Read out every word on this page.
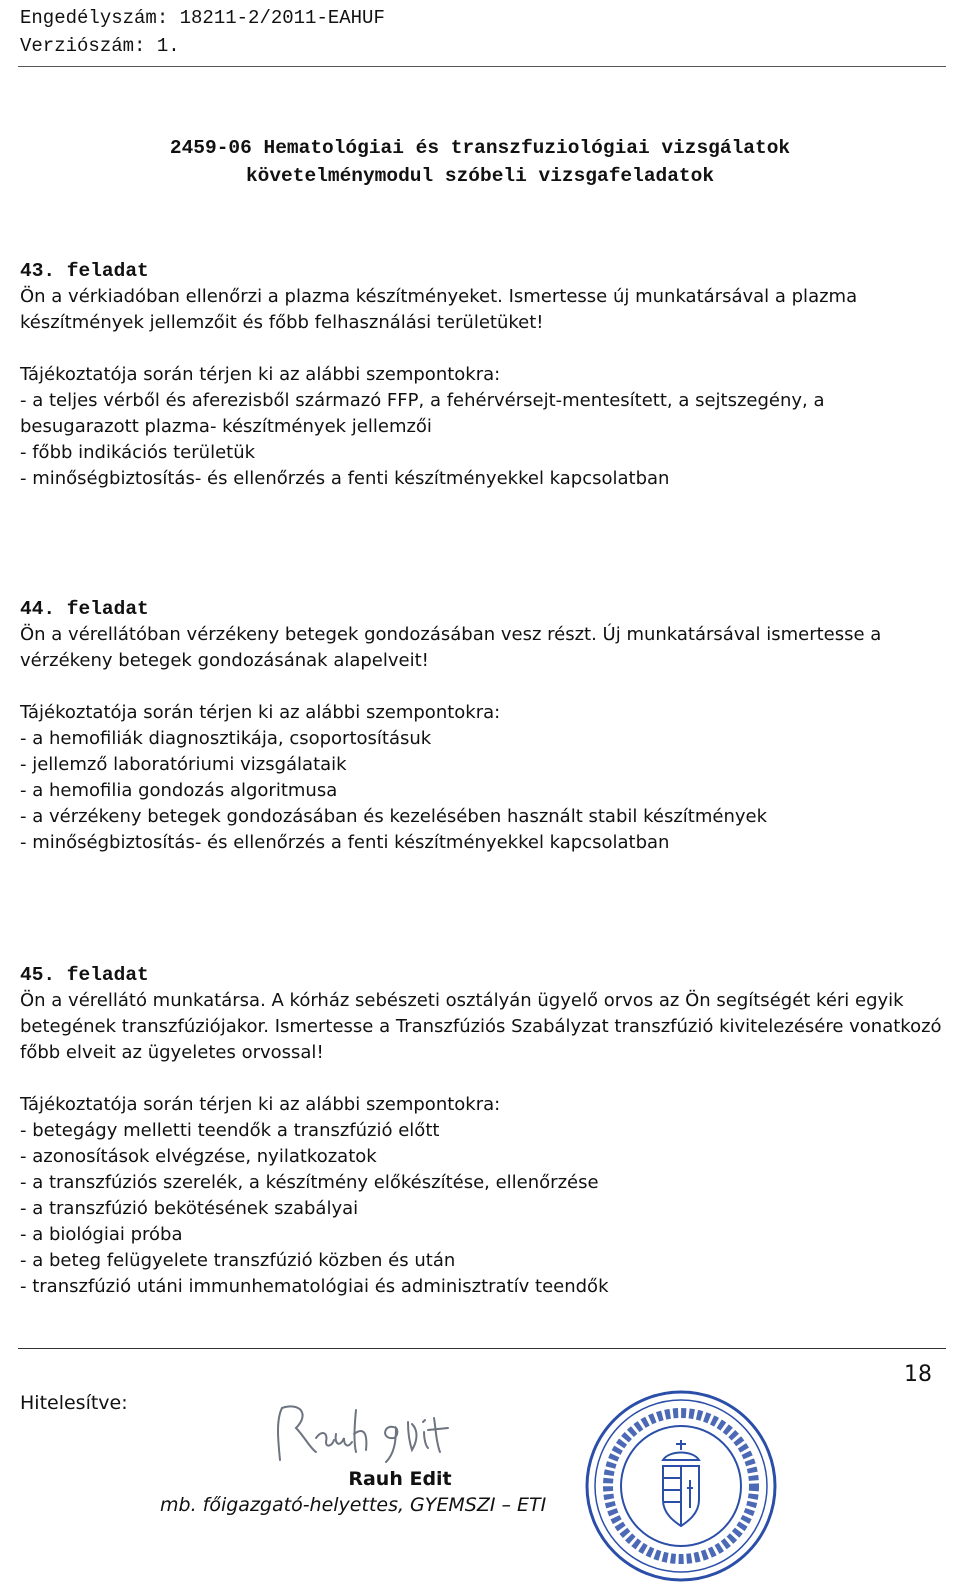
Engedélyszám: 18211-2/2011-EAHUF
Verziószám: 1.
2459-06 Hematológiai és transzfuziológiai vizsgálatok
követelménymodul szóbeli vizsgafeladatok
43. feladat

Ön a vérkiadóban ellenőrzi a plazma készítményeket. Ismertesse új munkatársával a plazma készítmények jellemzőit és főbb felhasználási területüket!

Tájékoztatója során térjen ki az alábbi szempontokra:

- a teljes vérből és aferezisből származó FFP, a fehérvérsejt-mentesített, a sejtszegény, a besugarazott plazma- készítmények jellemzői
- főbb indikációs területük
- minőségbiztosítás- és ellenőrzés a fenti készítményekkel kapcsolatban
44. feladat

Ön a vérellátóban vérzékeny betegek gondozásában vesz részt. Új munkatársával ismertesse a vérzékeny betegek gondozásának alapelveit!

Tájékoztatója során térjen ki az alábbi szempontokra:

- a hemofiliák diagnosztikája, csoportosításuk
- jellemző laboratóriumi vizsgálataik
- a hemofilia gondozás algoritmusa
- a vérzékeny betegek gondozásában és kezelésében használt stabil készítmények
- minőségbiztosítás- és ellenőrzés a fenti készítményekkel kapcsolatban
45. feladat

Ön a vérellátó munkatársa. A kórház sebészeti osztályán ügyelő orvos az Ön segítségét kéri egyik betegének transzfúziójakor. Ismertesse a Transzfúziós Szabályzat transzfúzió kivitelezésére vonatkozó főbb elveit az ügyeletes orvossal!

Tájékoztatója során térjen ki az alábbi szempontokra:

- betegágy melletti teendők a transzfúzió előtt
- azonosítások elvégzése, nyilatkozatok
- a transzfúziós szerelék, a készítmény előkészítése, ellenőrzése
- a transzfúzió bekötésének szabályai
- a biológiai próba
- a beteg felügyelete transzfúzió közben és után
- transzfúzió utáni immunhematológiai és adminisztratív teendők
18
Hitelesítve:
Rauh Edit
mb. főigazgató-helyettes, GYEMSZI – ETI
